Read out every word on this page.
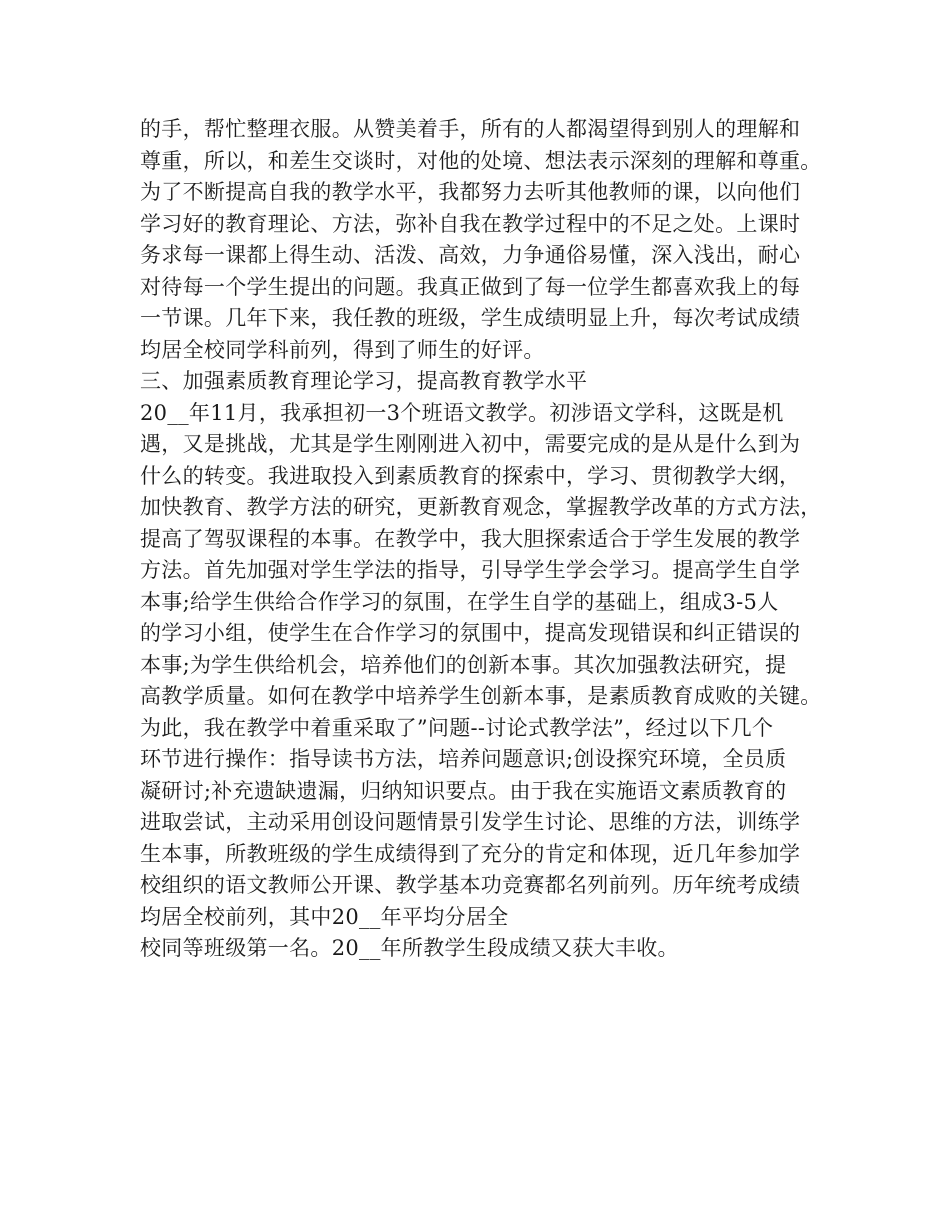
的手，帮忙整理衣服。从赞美着手，所有的人都渴望得到别人的理解和
尊重，所以，和差生交谈时，对他的处境、想法表示深刻的理解和尊重。
为了不断提高自我的教学水平，我都努力去听其他教师的课，以向他们
学习好的教育理论、方法，弥补自我在教学过程中的不足之处。上课时
务求每一课都上得生动、活泼、高效，力争通俗易懂，深入浅出，耐心
对待每一个学生提出的问题。我真正做到了每一位学生都喜欢我上的每
一节课。几年下来，我任教的班级，学生成绩明显上升，每次考试成绩
均居全校同学科前列，得到了师生的好评。
三、加强素质教育理论学习，提高教育教学水平
20__年11月，我承担初一3个班语文教学。初涉语文学科，这既是机
遇，又是挑战，尤其是学生刚刚进入初中，需要完成的是从是什么到为
什么的转变。我进取投入到素质教育的探索中，学习、贯彻教学大纲，
加快教育、教学方法的研究，更新教育观念，掌握教学改革的方式方法，
提高了驾驭课程的本事。在教学中，我大胆探索适合于学生发展的教学
方法。首先加强对学生学法的指导，引导学生学会学习。提高学生自学
本事;给学生供给合作学习的氛围，在学生自学的基础上，组成3-5人
的学习小组，使学生在合作学习的氛围中，提高发现错误和纠正错误的
本事;为学生供给机会，培养他们的创新本事。其次加强教法研究，提
高教学质量。如何在教学中培养学生创新本事，是素质教育成败的关键。
为此，我在教学中着重采取了”问题--讨论式教学法”，经过以下几个
环节进行操作：指导读书方法，培养问题意识;创设探究环境，全员质
凝研讨;补充遗缺遗漏，归纳知识要点。由于我在实施语文素质教育的
进取尝试，主动采用创设问题情景引发学生讨论、思维的方法，训练学
生本事，所教班级的学生成绩得到了充分的肯定和体现，近几年参加学
校组织的语文教师公开课、教学基本功竞赛都名列前列。历年统考成绩
均居全校前列，其中20__年平均分居全
校同等班级第一名。20__年所教学生段成绩又获大丰收。
